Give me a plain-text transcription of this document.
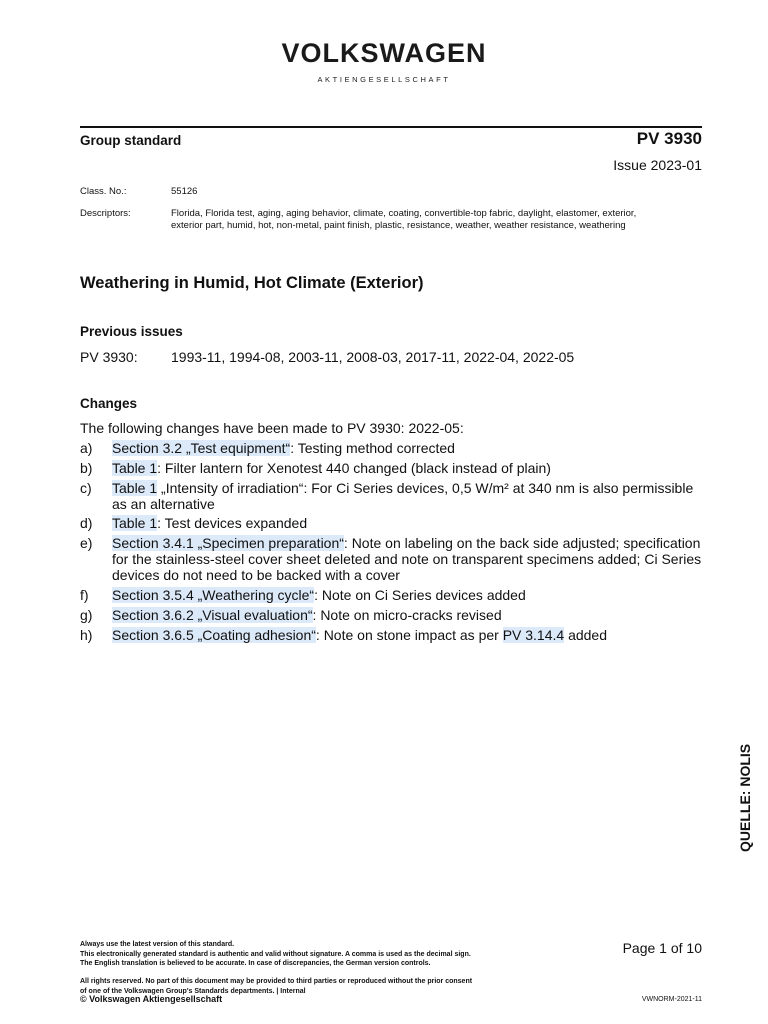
VOLKSWAGEN
AKTIENGESELLSCHAFT
Group standard	PV 3930
Issue 2023-01
Class. No.:	55126
Descriptors:	Florida, Florida test, aging, aging behavior, climate, coating, convertible-top fabric, daylight, elastomer, exterior, exterior part, humid, hot, non-metal, paint finish, plastic, resistance, weather, weather resistance, weathering
Weathering in Humid, Hot Climate (Exterior)
Previous issues
PV 3930: 1993-11, 1994-08, 2003-11, 2008-03, 2017-11, 2022-04, 2022-05
Changes
The following changes have been made to PV 3930: 2022-05:
a)	Section 3.2 „Test equipment“: Testing method corrected
b)	Table 1: Filter lantern for Xenotest 440 changed (black instead of plain)
c)	Table 1 „Intensity of irradiation“: For Ci Series devices, 0,5 W/m² at 340 nm is also permissible as an alternative
d)	Table 1: Test devices expanded
e)	Section 3.4.1 „Specimen preparation“: Note on labeling on the back side adjusted; specification for the stainless-steel cover sheet deleted and note on transparent specimens added; Ci Series devices do not need to be backed with a cover
f)	Section 3.5.4 „Weathering cycle“: Note on Ci Series devices added
g)	Section 3.6.2 „Visual evaluation“: Note on micro-cracks revised
h)	Section 3.6.5 „Coating adhesion“: Note on stone impact as per PV 3.14.4 added
QUELLE: NOLIS
Always use the latest version of this standard.
This electronically generated standard is authentic and valid without signature. A comma is used as the decimal sign.
The English translation is believed to be accurate. In case of discrepancies, the German version controls.
All rights reserved. No part of this document may be provided to third parties or reproduced without the prior consent
of one of the Volkswagen Group's Standards departments. | Internal
© Volkswagen Aktiengesellschaft
Page 1 of 10
VWNORM-2021-11
